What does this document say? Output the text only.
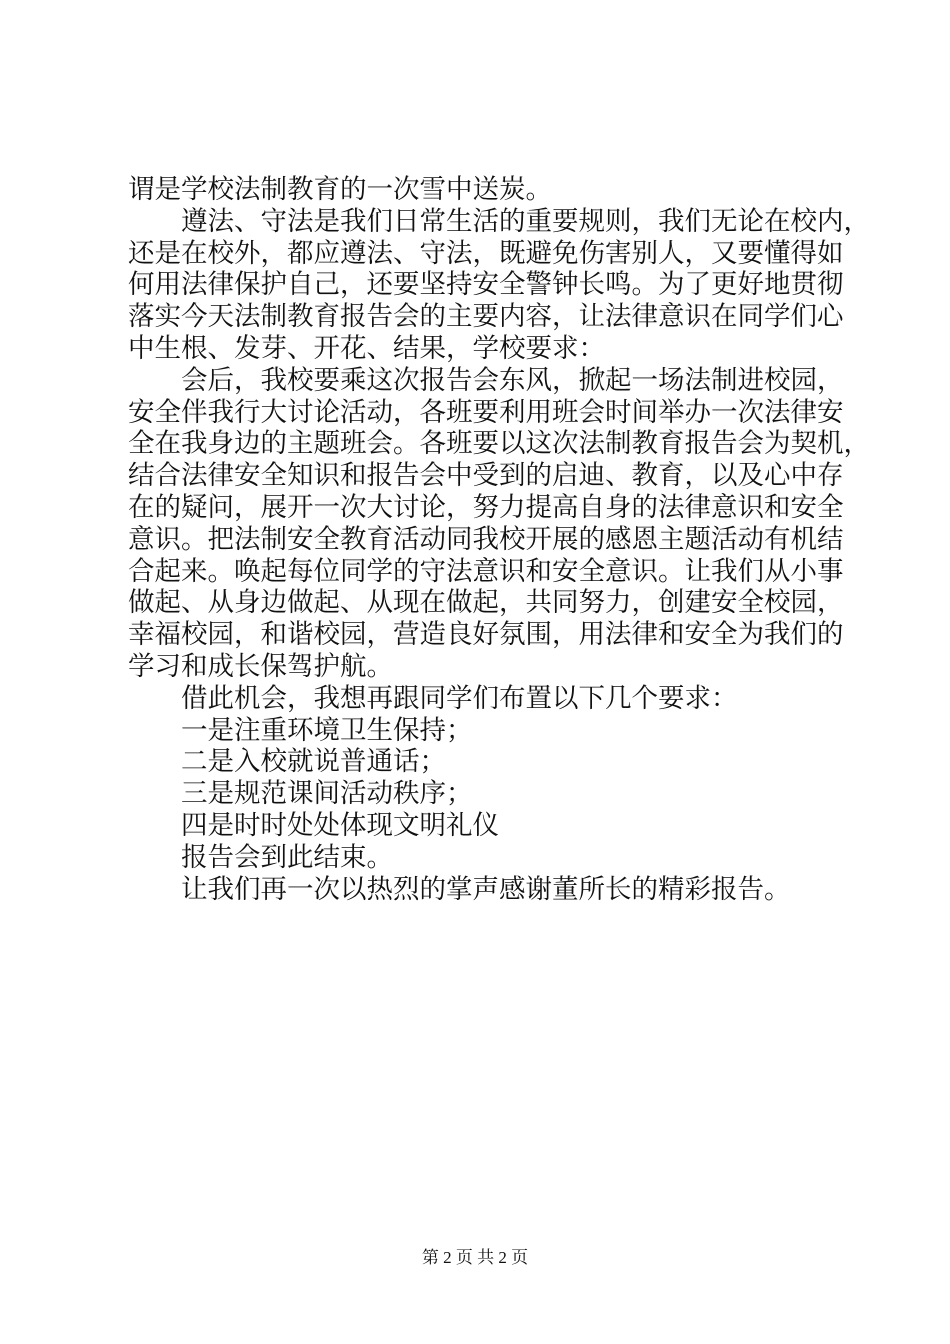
谓是学校法制教育的一次雪中送炭。
遵法、守法是我们日常生活的重要规则，我们无论在校内，
还是在校外，都应遵法、守法，既避免伤害别人，又要懂得如
何用法律保护自己，还要坚持安全警钟长鸣。为了更好地贯彻
落实今天法制教育报告会的主要内容，让法律意识在同学们心
中生根、发芽、开花、结果，学校要求：
会后，我校要乘这次报告会东风，掀起一场法制进校园，
安全伴我行大讨论活动，各班要利用班会时间举办一次法律安
全在我身边的主题班会。各班要以这次法制教育报告会为契机，
结合法律安全知识和报告会中受到的启迪、教育，以及心中存
在的疑问，展开一次大讨论，努力提高自身的法律意识和安全
意识。把法制安全教育活动同我校开展的感恩主题活动有机结
合起来。唤起每位同学的守法意识和安全意识。让我们从小事
做起、从身边做起、从现在做起，共同努力，创建安全校园，
幸福校园，和谐校园，营造良好氛围，用法律和安全为我们的
学习和成长保驾护航。
借此机会，我想再跟同学们布置以下几个要求：
一是注重环境卫生保持；
二是入校就说普通话；
三是规范课间活动秩序；
四是时时处处体现文明礼仪
报告会到此结束。
让我们再一次以热烈的掌声感谢董所长的精彩报告。
第 2 页 共 2 页
